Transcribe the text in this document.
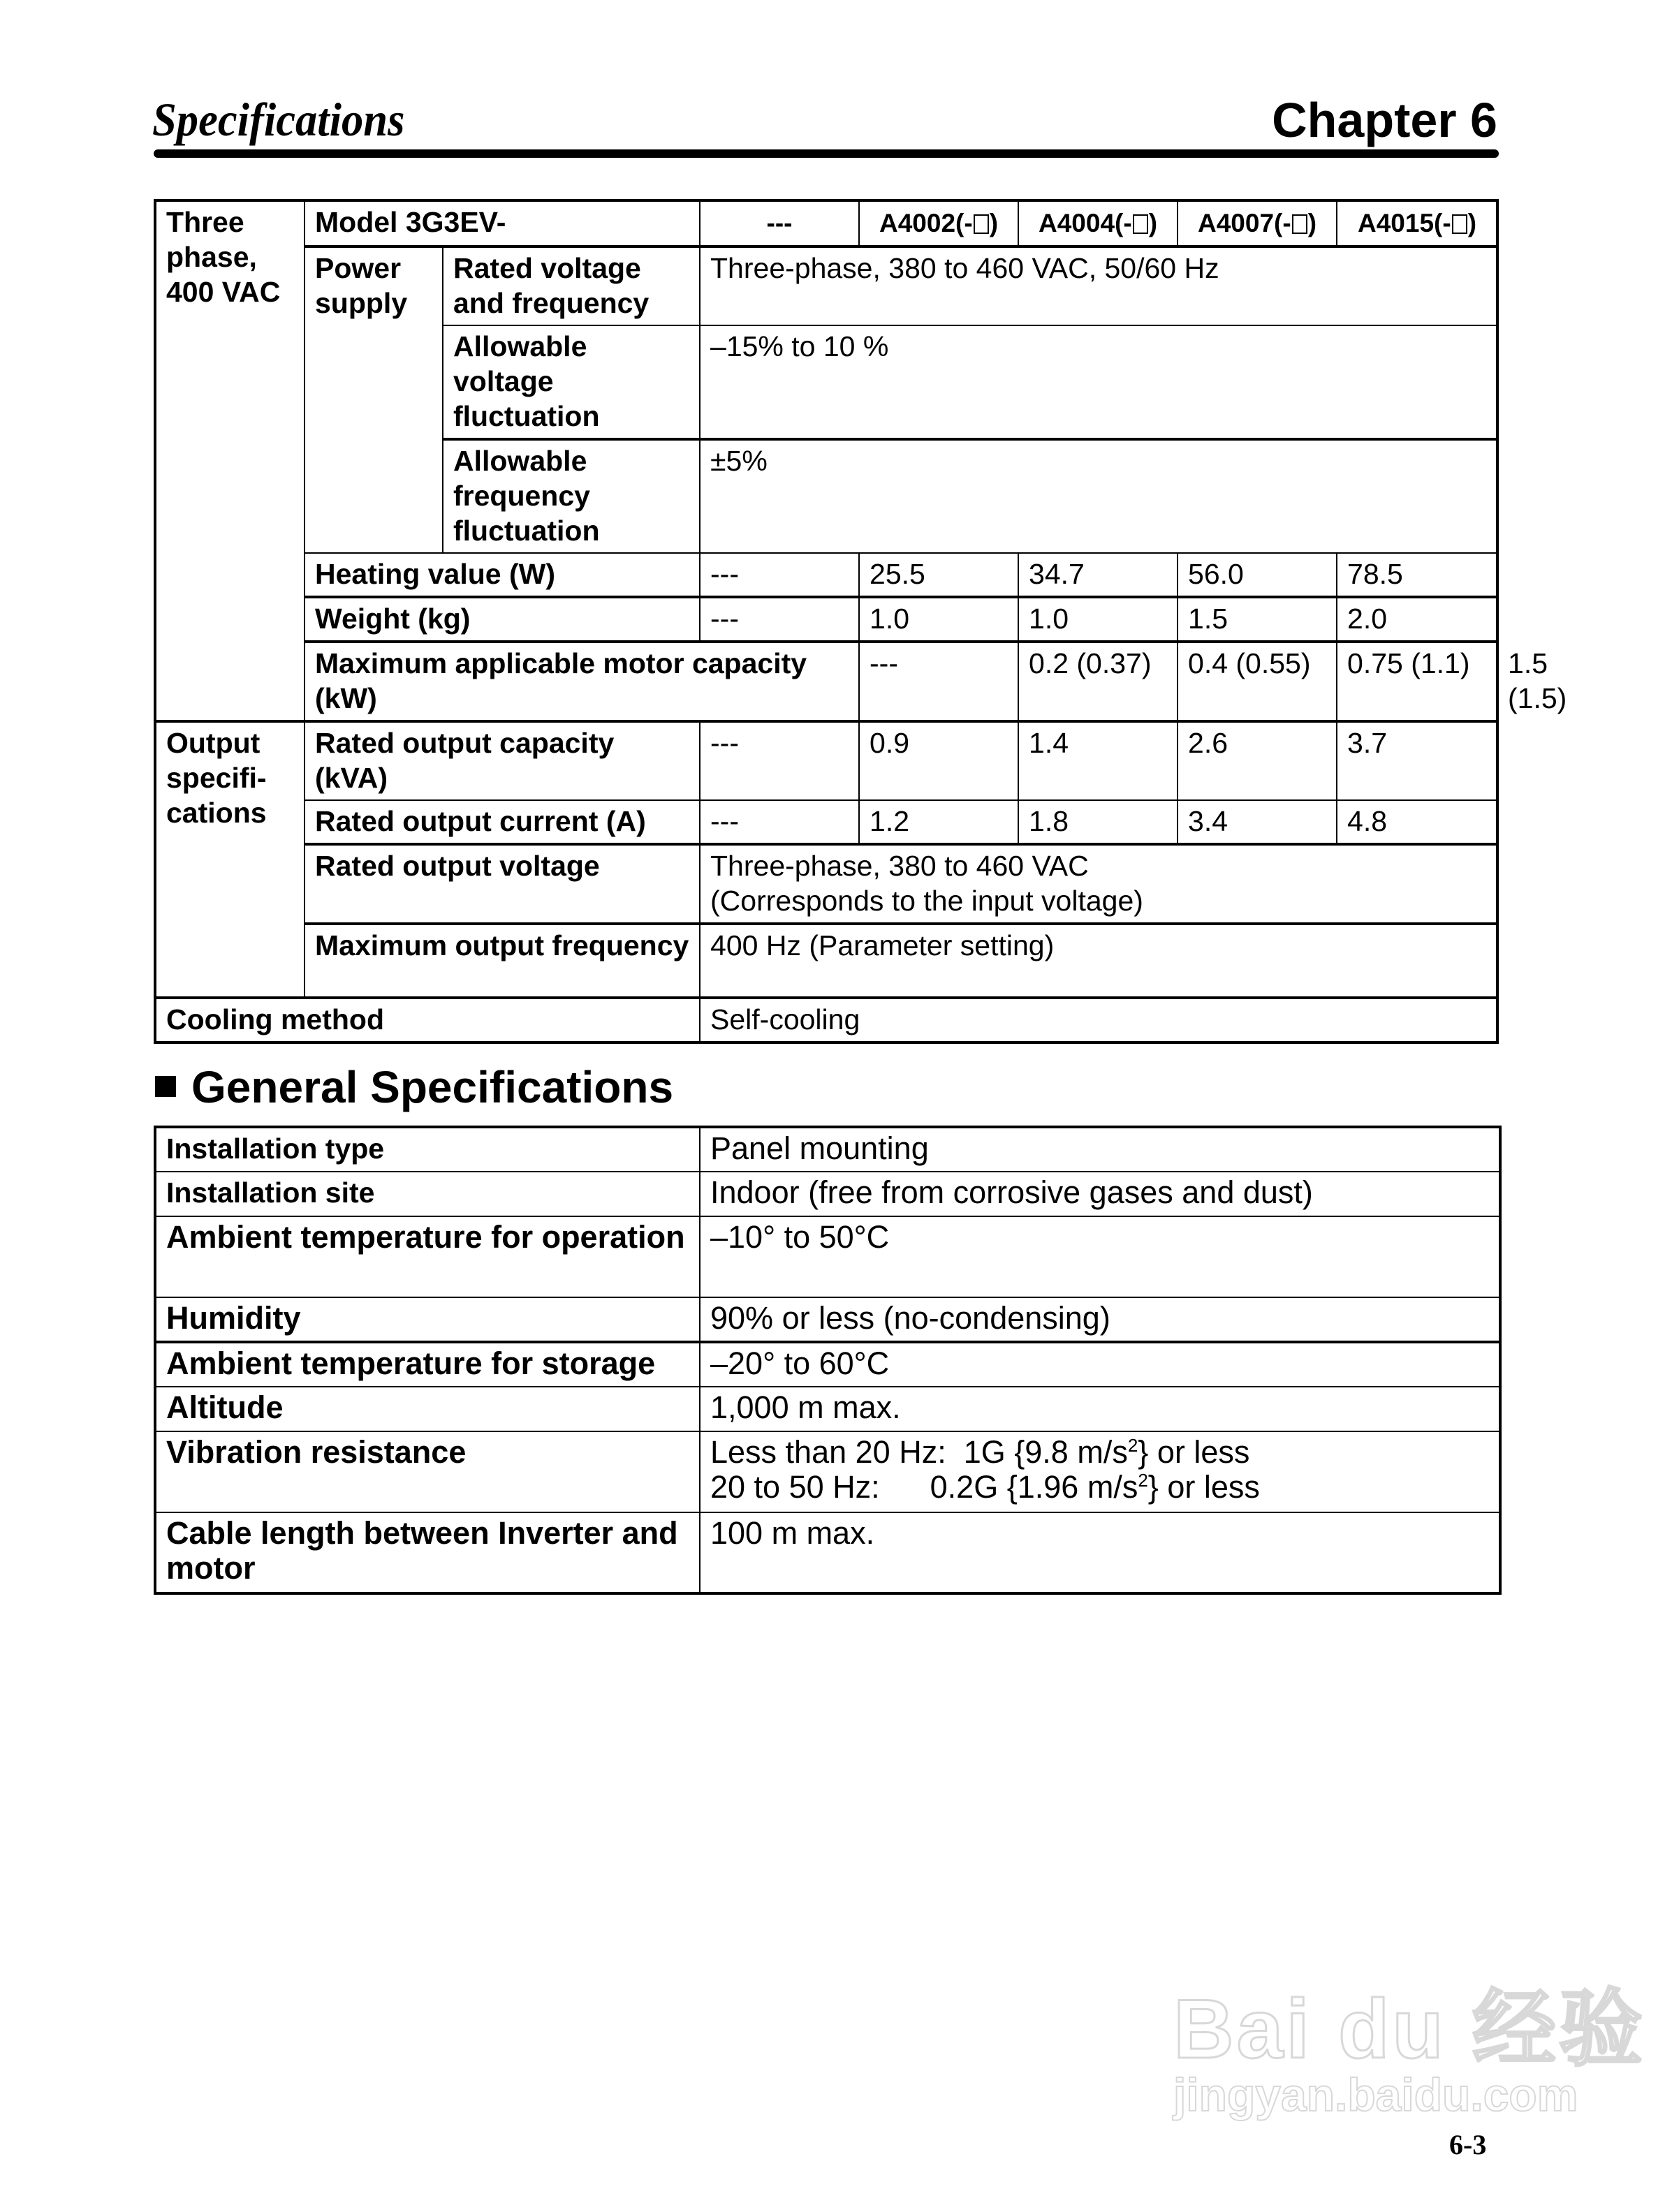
Specifications	Chapter 6
Three phase, 400 VAC	Model 3G3EV-		---	A4002(- )	A4004(- )	A4007(- )	A4015(- )	
	Power supply	Rated voltage and frequency	Three-phase, 380 to 460 VAC, 50/60 Hz					
		Allowable voltage fluctuation	–15% to 10 %					
		Allowable frequency fluctuation	±5%					
	Heating value (W)		---	25.5	34.7	56.0	78.5	
	Weight (kg)		---	1.0	1.0	1.5	2.0	
	Maximum applicable motor capacity (kW)			---	0.2 (0.37)	0.4 (0.55)	0.75 (1.1)	1.5 (1.5)
Output
specifi-
cations	Rated output capacity (kVA)		---	0.9	1.4	2.6	3.7	
	Rated output current (A)		---	1.2	1.8	3.4	4.8	
	Rated output voltage		Three-phase, 380 to 460 VAC
(Corresponds to the input voltage)					

	Maximum output frequency		400 Hz (Parameter setting)					
Cooling method			Self-cooling					
General Specifications
Installation type	Panel mounting
Installation site	Indoor (free from corrosive gases and dust)
Ambient temperature for operation	–10° to 50°C
Humidity	90% or less (no-condensing)
Ambient temperature for storage	–20° to 60°C
Altitude	1,000 m max.
Vibration resistance	Less than 20 Hz: 1G {9.8 $m/s^2$} or less
20 to 50 Hz: 0.2G {1.96 $m/s^2$} or less

Cable length between Inverter and motor	100 m max.
Bai du 经验
jingyan.baidu.com
6-3
